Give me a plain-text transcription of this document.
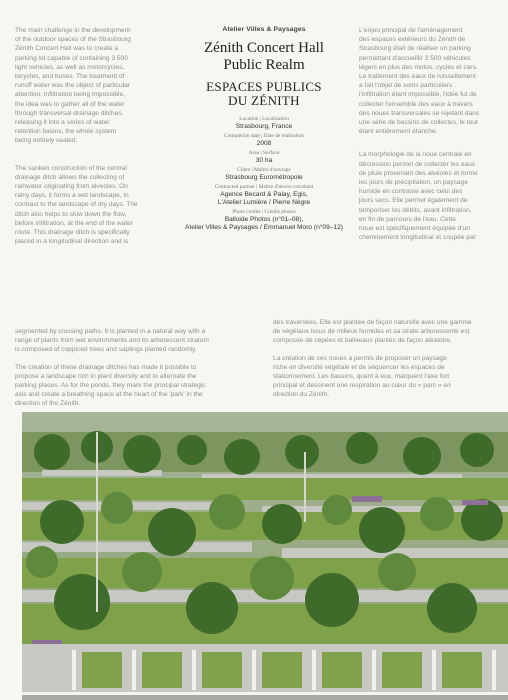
The main challenge in the development
of the outdoor spaces of the Strasbourg
Zénith Concert Hall was to create a
parking lot capable of containing 3 500
light vehicles, as well as motorcycles,
bicycles, and buses. The treatment of
runoff water was the object of particular
attention: infiltration being impossible,
the idea was to gather all of the water
through transversal drainage ditches,
releasing it into a series of water
retention basins, the whole system
being entirely sealed.

The sunken construction of the central
drainage ditch allows the collecting of
rainwater originating from alveoles. On
rainy days, it forms a wet landscape, in
contrast to the landscape of dry days. The
ditch also helps to slow down the flow,
before infiltration, at the end of the water
route. This drainage ditch is specifically
placed in a longitudinal direction and is

Atelier Villes & Paysages
Zénith Concert Hall
Public Realm
ESPACES PUBLICS
DU ZÉNITH
Location | Localisation
Strasbourg, France
Completion date | Date de réalisation
2008
Area | Surface
30 ha
Client | Maître d'ouvrage
Strasbourg Eurométropole
Contracted partner | Maître d'œuvre cotraitant
Agence Becard & Palay, Egis,
L'Atelier Lumière / Pierre Nègre
Photo credits | Crédits photos
Balloide Photos (n°01–08),
Atelier Villes & Paysages / Emmanuel Moro (n°09–12)

L'enjeu principal de l'aménagement
des espaces extérieurs du Zénith de
Strasbourg était de réaliser un parking
permettant d'accueillir 3 500 véhicules
légers en plus des motos, cycles et cars.
Le traitement des eaux de ruissellement
a fait l'objet de soins particuliers :
l'infiltration étant impossible, l'idée fut de
collecter l'ensemble des eaux à travers
des noues transversales se rejetant dans
une série de bassins de collectes, le tout
étant entièrement étanche.

La morphologie de la noue centrale en
décression permet de collecter les eaux
de pluie provenant des alvéoles et forme
les jours de précipitation, un paysage
humide en contraste avec celui des
jours secs. Elle permet également de
temporiser les débits, avant infiltration,
en fin de parcours de l'eau. Cette
noue est spécifiquement équipée d'un
cheminement longitudinal et coupée par

segmented by crossing paths. It is planted in a natural way with a
range of plants from wet environments and its arborescent stratum
is composed of coppiced trees and saplings planted randomly.

The creation of these drainage ditches has made it possible to
propose a landscape rich in plant diversity and to alternate the
parking places. As for the ponds, they mark the principal strategic
axis and create a breathing space at the heart of the 'park' in the
direction of the Zénith.

des traversées. Elle est plantée de façon naturelle avec une gamme
de végétaux issus de milieux humides et sa strate arborescente est
composée de cépées et baliveaux plantés de façon aléatoire.

La création de ces noues a permis de proposer un paysage
riche en diversité végétale et de séquencer les espaces de
stationnement. Les bassins, quant à eux, marquent l'axe fort
principal et dessinent une respiration au cœur du « parc » en
direction du Zénith.
